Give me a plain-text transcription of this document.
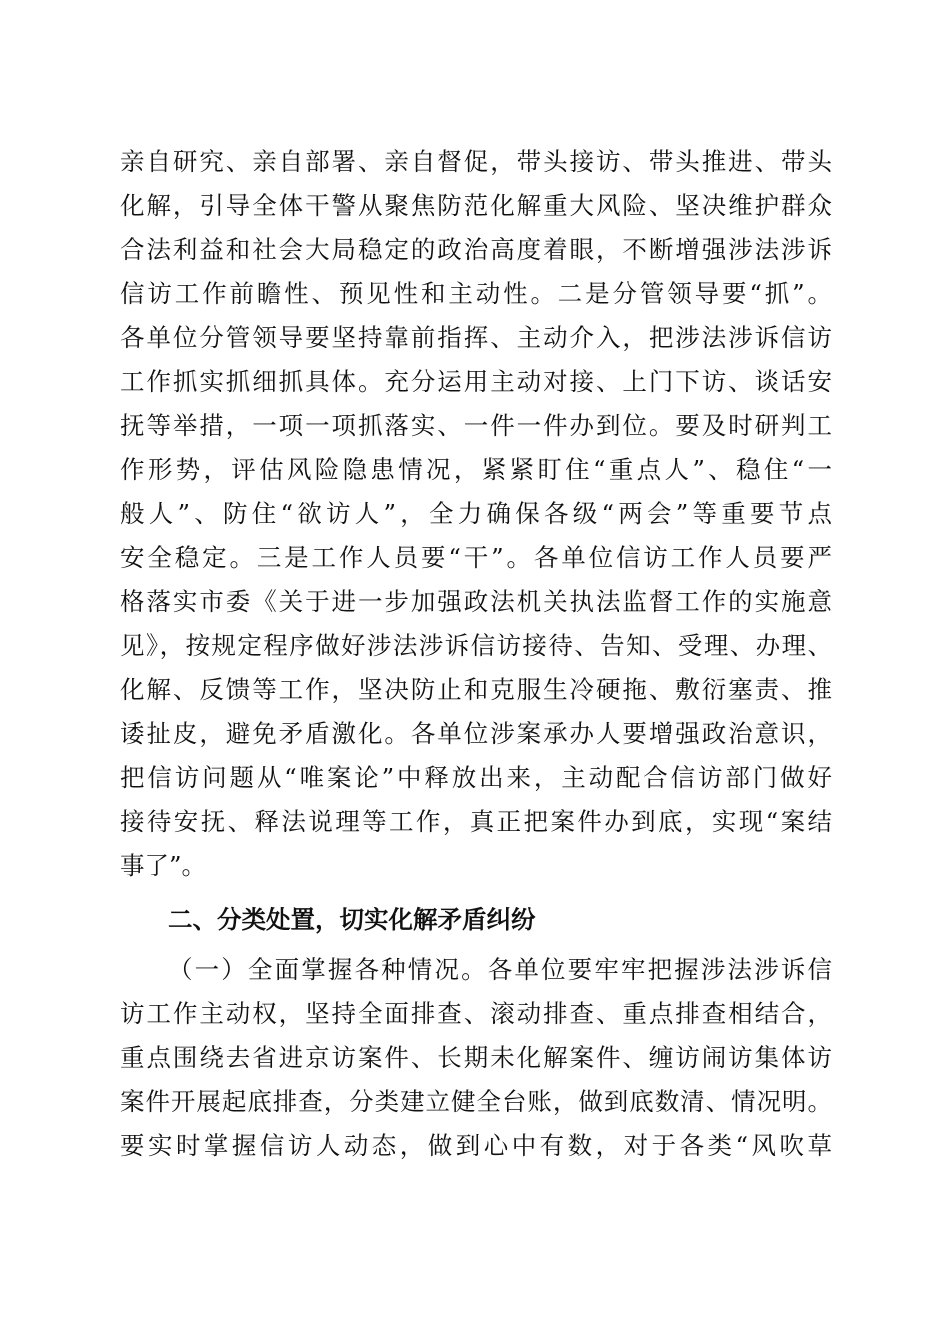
亲自研究、亲自部署、亲自督促，带头接访、带头推进、带头
化解，引导全体干警从聚焦防范化解重大风险、坚决维护群众
合法利益和社会大局稳定的政治高度着眼，不断增强涉法涉诉
信访工作前瞻性、预见性和主动性。二是分管领导要“抓”。
各单位分管领导要坚持靠前指挥、主动介入，把涉法涉诉信访
工作抓实抓细抓具体。充分运用主动对接、上门下访、谈话安
抚等举措，一项一项抓落实、一件一件办到位。要及时研判工
作形势，评估风险隐患情况，紧紧盯住“重点人”、稳住“一
般人”、防住“欲访人”，全力确保各级“两会”等重要节点
安全稳定。三是工作人员要“干”。各单位信访工作人员要严
格落实市委《关于进一步加强政法机关执法监督工作的实施意
见》，按规定程序做好涉法涉诉信访接待、告知、受理、办理、
化解、反馈等工作，坚决防止和克服生冷硬拖、敷衍塞责、推
诿扯皮，避免矛盾激化。各单位涉案承办人要增强政治意识，
把信访问题从“唯案论”中释放出来，主动配合信访部门做好
接待安抚、释法说理等工作，真正把案件办到底，实现“案结
事了”。
二、分类处置，切实化解矛盾纠纷
（一）全面掌握各种情况。各单位要牢牢把握涉法涉诉信
访工作主动权，坚持全面排查、滚动排查、重点排查相结合，
重点围绕去省进京访案件、长期未化解案件、缠访闹访集体访
案件开展起底排查，分类建立健全台账，做到底数清、情况明。
要实时掌握信访人动态，做到心中有数，对于各类“风吹草
